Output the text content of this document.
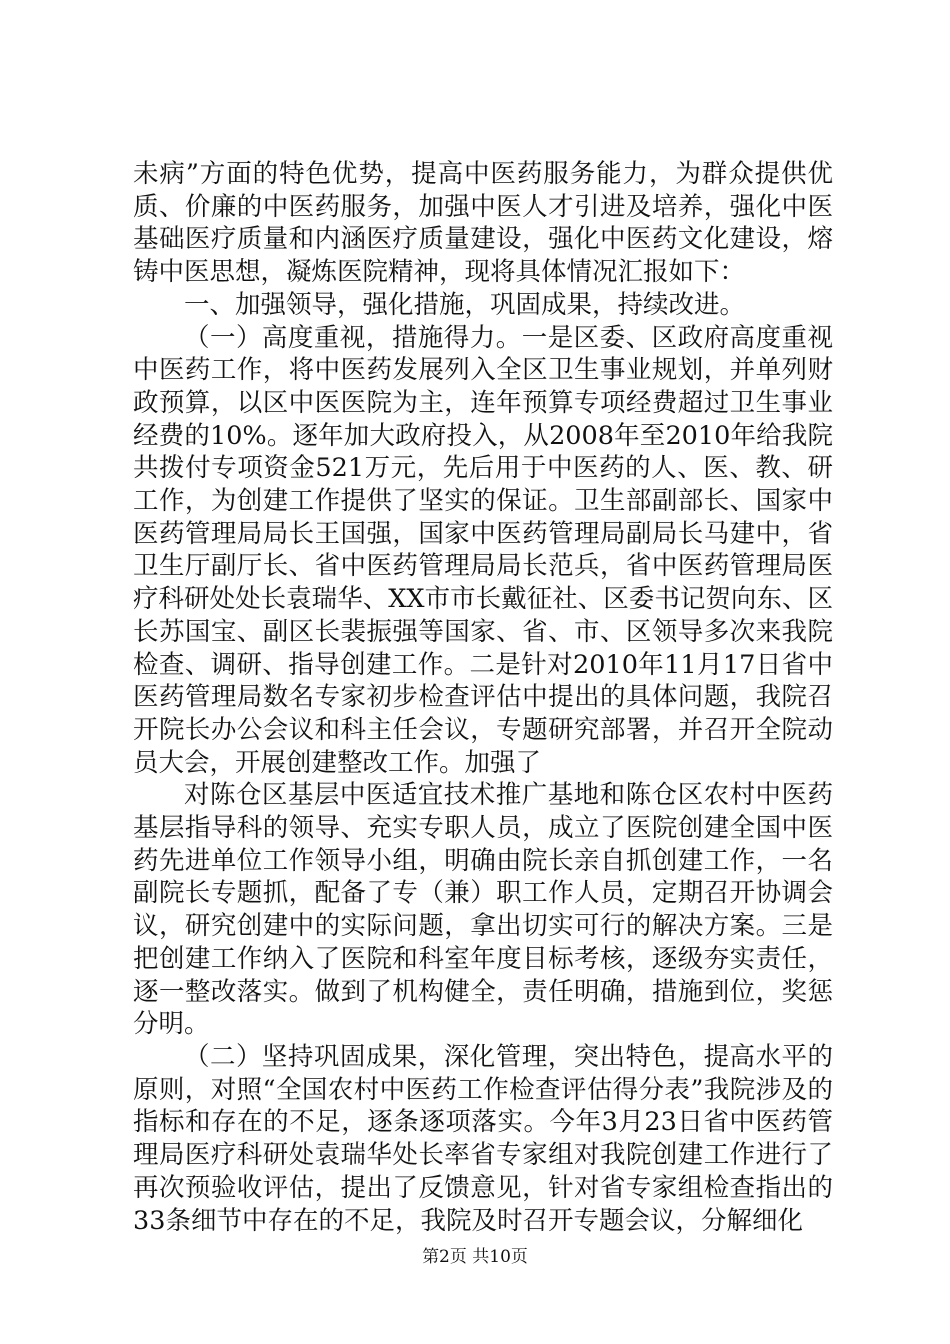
未病”方面的特色优势，提高中医药服务能力，为群众提供优质、价廉的中医药服务，加强中医人才引进及培养，强化中医基础医疗质量和内涵医疗质量建设，强化中医药文化建设，熔铸中医思想，凝炼医院精神，现将具体情况汇报如下：

一、加强领导，强化措施，巩固成果，持续改进。

（一）高度重视，措施得力。一是区委、区政府高度重视中医药工作，将中医药发展列入全区卫生事业规划，并单列财政预算，以区中医医院为主，连年预算专项经费超过卫生事业经费的10%。逐年加大政府投入，从2008年至2010年给我院共拨付专项资金521万元，先后用于中医药的人、医、教、研工作，为创建工作提供了坚实的保证。卫生部副部长、国家中医药管理局局长王国强，国家中医药管理局副局长马建中，省卫生厅副厅长、省中医药管理局局长范兵，省中医药管理局医疗科研处处长袁瑞华、XX市市长戴征社、区委书记贺向东、区长苏国宝、副区长裴振强等国家、省、市、区领导多次来我院检查、调研、指导创建工作。二是针对2010年11月17日省中医药管理局数名专家初步检查评估中提出的具体问题，我院召开院长办公会议和科主任会议，专题研究部署，并召开全院动员大会，开展创建整改工作。加强了

对陈仓区基层中医适宜技术推广基地和陈仓区农村中医药基层指导科的领导、充实专职人员，成立了医院创建全国中医药先进单位工作领导小组，明确由院长亲自抓创建工作，一名副院长专题抓，配备了专（兼）职工作人员，定期召开协调会议，研究创建中的实际问题，拿出切实可行的解决方案。三是把创建工作纳入了医院和科室年度目标考核，逐级夯实责任，逐一整改落实。做到了机构健全，责任明确，措施到位，奖惩分明。

（二）坚持巩固成果，深化管理，突出特色，提高水平的原则，对照“全国农村中医药工作检查评估得分表”我院涉及的指标和存在的不足，逐条逐项落实。今年3月23日省中医药管理局医疗科研处袁瑞华处长率省专家组对我院创建工作进行了再次预验收评估，提出了反馈意见，针对省专家组检查指出的33条细节中存在的不足，我院及时召开专题会议，分解细化

第2页 共10页
